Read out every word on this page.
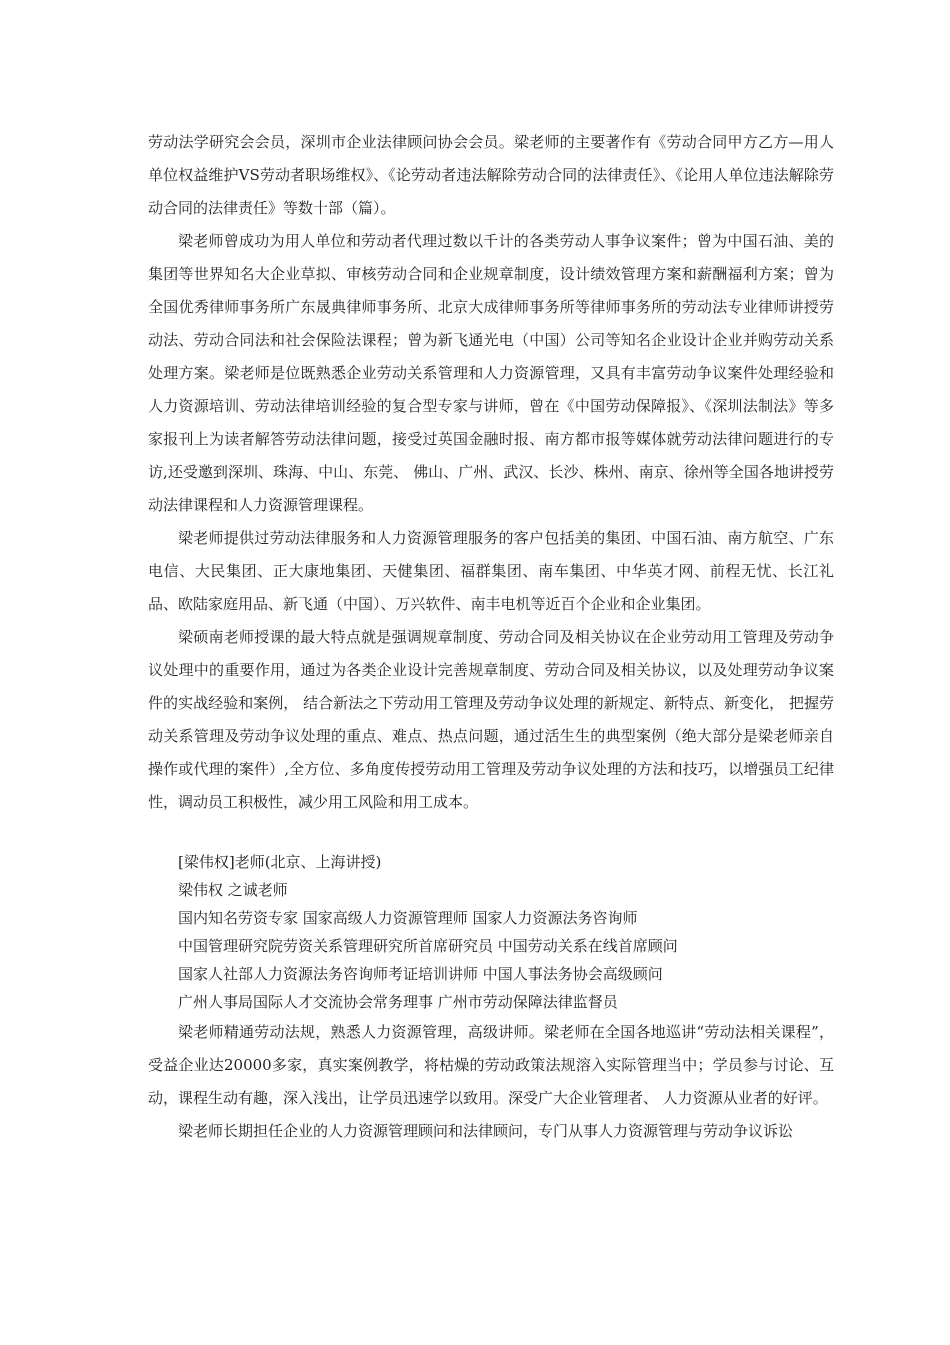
劳动法学研究会会员，深圳市企业法律顾问协会会员。梁老师的主要著作有《劳动合同甲方乙方—用人单位权益维护VS劳动者职场维权》、《论劳动者违法解除劳动合同的法律责任》、《论用人单位违法解除劳动合同的法律责任》等数十部（篇）。

梁老师曾成功为用人单位和劳动者代理过数以千计的各类劳动人事争议案件；曾为中国石油、美的集团等世界知名大企业草拟、审核劳动合同和企业规章制度，设计绩效管理方案和薪酬福利方案；曾为全国优秀律师事务所广东晟典律师事务所、北京大成律师事务所等律师事务所的劳动法专业律师讲授劳动法、劳动合同法和社会保险法课程；曾为新飞通光电（中国）公司等知名企业设计企业并购劳动关系处理方案。梁老师是位既熟悉企业劳动关系管理和人力资源管理，又具有丰富劳动争议案件处理经验和人力资源培训、劳动法律培训经验的复合型专家与讲师，曾在《中国劳动保障报》、《深圳法制法》等多家报刊上为读者解答劳动法律问题，接受过英国金融时报、南方都市报等媒体就劳动法律问题进行的专访,还受邀到深圳、珠海、中山、东莞、 佛山、广州、武汉、长沙、株州、南京、徐州等全国各地讲授劳动法律课程和人力资源管理课程。

梁老师提供过劳动法律服务和人力资源管理服务的客户包括美的集团、中国石油、南方航空、广东电信、大民集团、正大康地集团、天健集团、福群集团、南车集团、中华英才网、前程无忧、长江礼品、欧陆家庭用品、新飞通（中国）、万兴软件、南丰电机等近百个企业和企业集团。

梁硕南老师授课的最大特点就是强调规章制度、劳动合同及相关协议在企业劳动用工管理及劳动争议处理中的重要作用，通过为各类企业设计完善规章制度、劳动合同及相关协议，以及处理劳动争议案件的实战经验和案例， 结合新法之下劳动用工管理及劳动争议处理的新规定、新特点、新变化， 把握劳动关系管理及劳动争议处理的重点、难点、热点问题，通过活生生的典型案例（绝大部分是梁老师亲自操作或代理的案件）,全方位、多角度传授劳动用工管理及劳动争议处理的方法和技巧，以增强员工纪律性，调动员工积极性，减少用工风险和用工成本。

[梁伟权]老师(北京、上海讲授)

梁伟权 之诚老师

国内知名劳资专家 国家高级人力资源管理师 国家人力资源法务咨询师

中国管理研究院劳资关系管理研究所首席研究员 中国劳动关系在线首席顾问

国家人社部人力资源法务咨询师考证培训讲师 中国人事法务协会高级顾问

广州人事局国际人才交流协会常务理事 广州市劳动保障法律监督员

梁老师精通劳动法规，熟悉人力资源管理，高级讲师。梁老师在全国各地巡讲“劳动法相关课程”，受益企业达20000多家，真实案例教学，将枯燥的劳动政策法规溶入实际管理当中；学员参与讨论、互动，课程生动有趣，深入浅出，让学员迅速学以致用。深受广大企业管理者、 人力资源从业者的好评。

梁老师长期担任企业的人力资源管理顾问和法律顾问，专门从事人力资源管理与劳动争议诉讼
